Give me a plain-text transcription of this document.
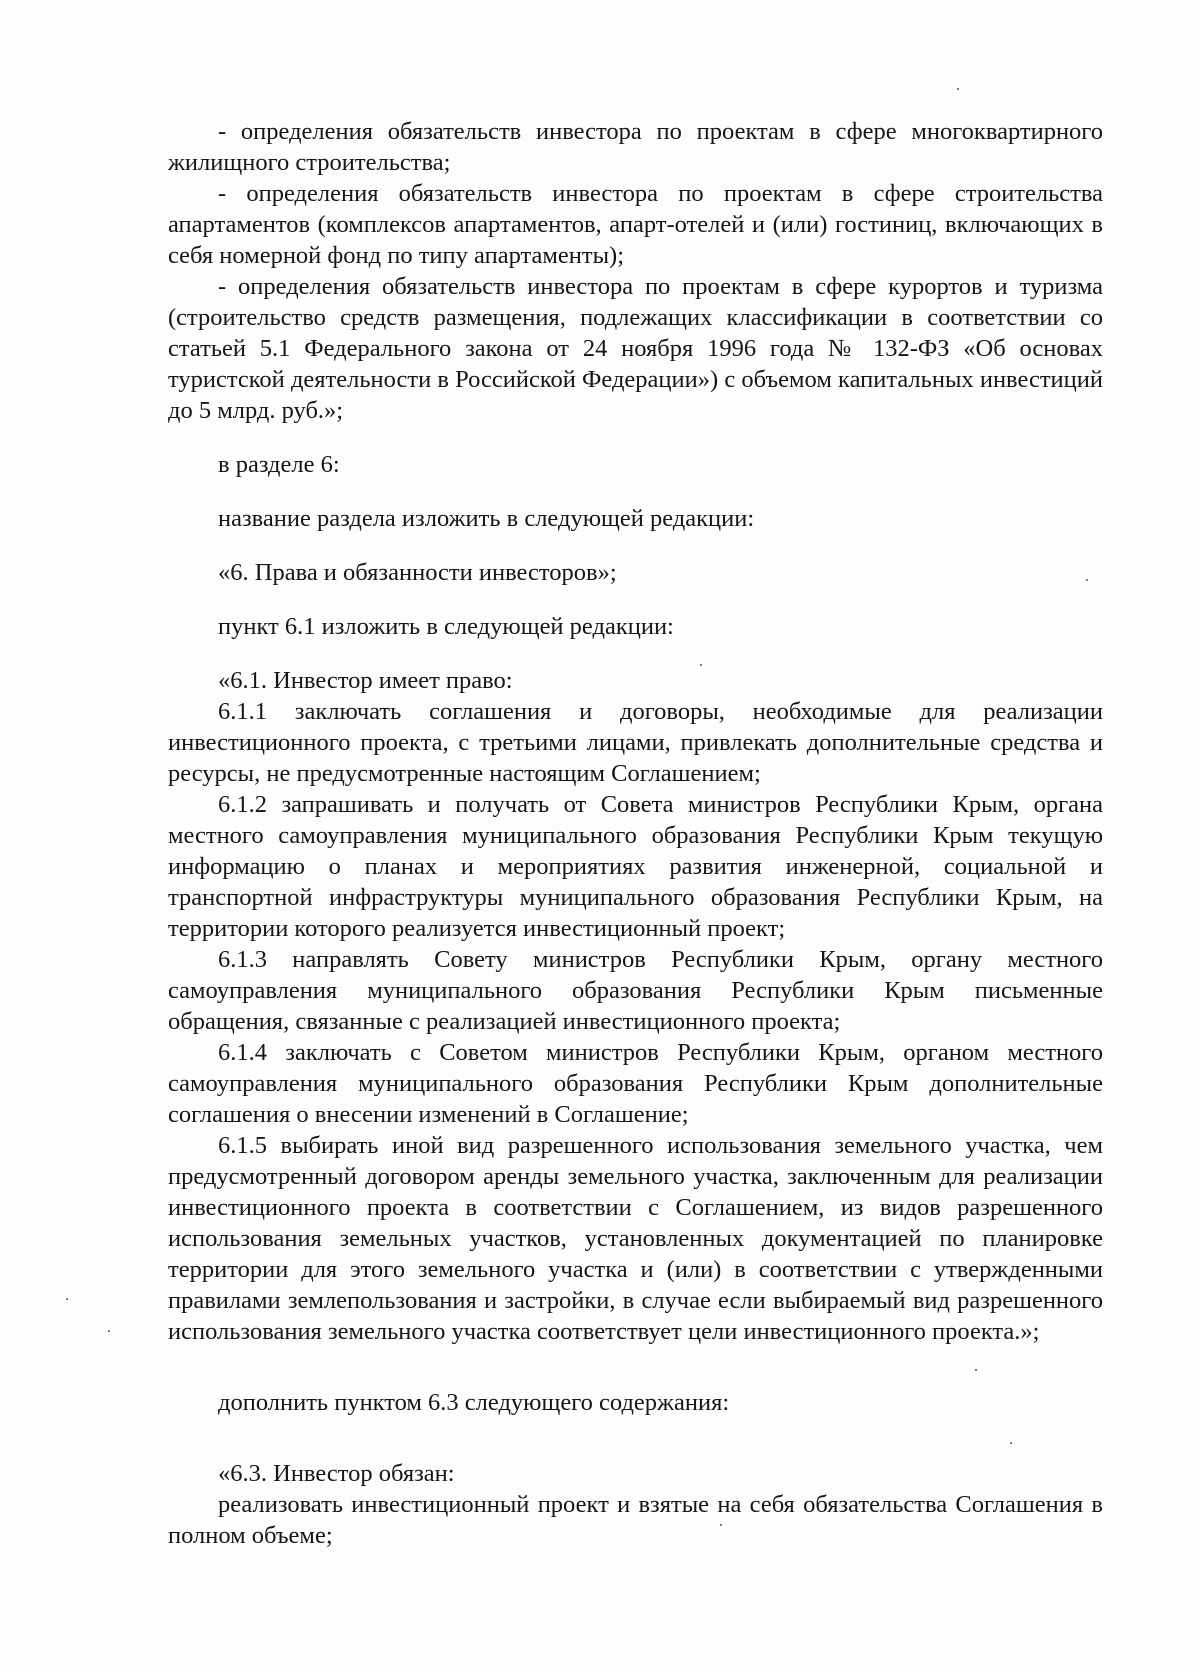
- определения обязательств инвестора по проектам в сфере многоквартирного жилищного строительства;

- определения обязательств инвестора по проектам в сфере строительства апартаментов (комплексов апартаментов, апарт-отелей и (или) гостиниц, включающих в себя номерной фонд по типу апартаменты);

- определения обязательств инвестора по проектам в сфере курортов и туризма (строительство средств размещения, подлежащих классификации в соответствии со статьей 5.1 Федерального закона от 24 ноября 1996 года № 132-ФЗ «Об основах туристской деятельности в Российской Федерации») с объемом капитальных инвестиций до 5 млрд. руб.»;

в разделе 6:

название раздела изложить в следующей редакции:

«6. Права и обязанности инвесторов»;

пункт 6.1 изложить в следующей редакции:

«6.1. Инвестор имеет право:

6.1.1 заключать соглашения и договоры, необходимые для реализации инвестиционного проекта, с третьими лицами, привлекать дополнительные средства и ресурсы, не предусмотренные настоящим Соглашением;

6.1.2 запрашивать и получать от Совета министров Республики Крым, органа местного самоуправления муниципального образования Республики Крым текущую информацию о планах и мероприятиях развития инженерной, социальной и транспортной инфраструктуры муниципального образования Республики Крым, на территории которого реализуется инвестиционный проект;

6.1.3 направлять Совету министров Республики Крым, органу местного самоуправления муниципального образования Республики Крым письменные обращения, связанные с реализацией инвестиционного проекта;

6.1.4 заключать с Советом министров Республики Крым, органом местного самоуправления муниципального образования Республики Крым дополнительные соглашения о внесении изменений в Соглашение;

6.1.5 выбирать иной вид разрешенного использования земельного участка, чем предусмотренный договором аренды земельного участка, заключенным для реализации инвестиционного проекта в соответствии с Соглашением, из видов разрешенного использования земельных участков, установленных документацией по планировке территории для этого земельного участка и (или) в соответствии с утвержденными правилами землепользования и застройки, в случае если выбираемый вид разрешенного использования земельного участка соответствует цели инвестиционного проекта.»;

дополнить пунктом 6.3 следующего содержания:

«6.3. Инвестор обязан:

реализовать инвестиционный проект и взятые на себя обязательства Соглашения в полном объеме;
